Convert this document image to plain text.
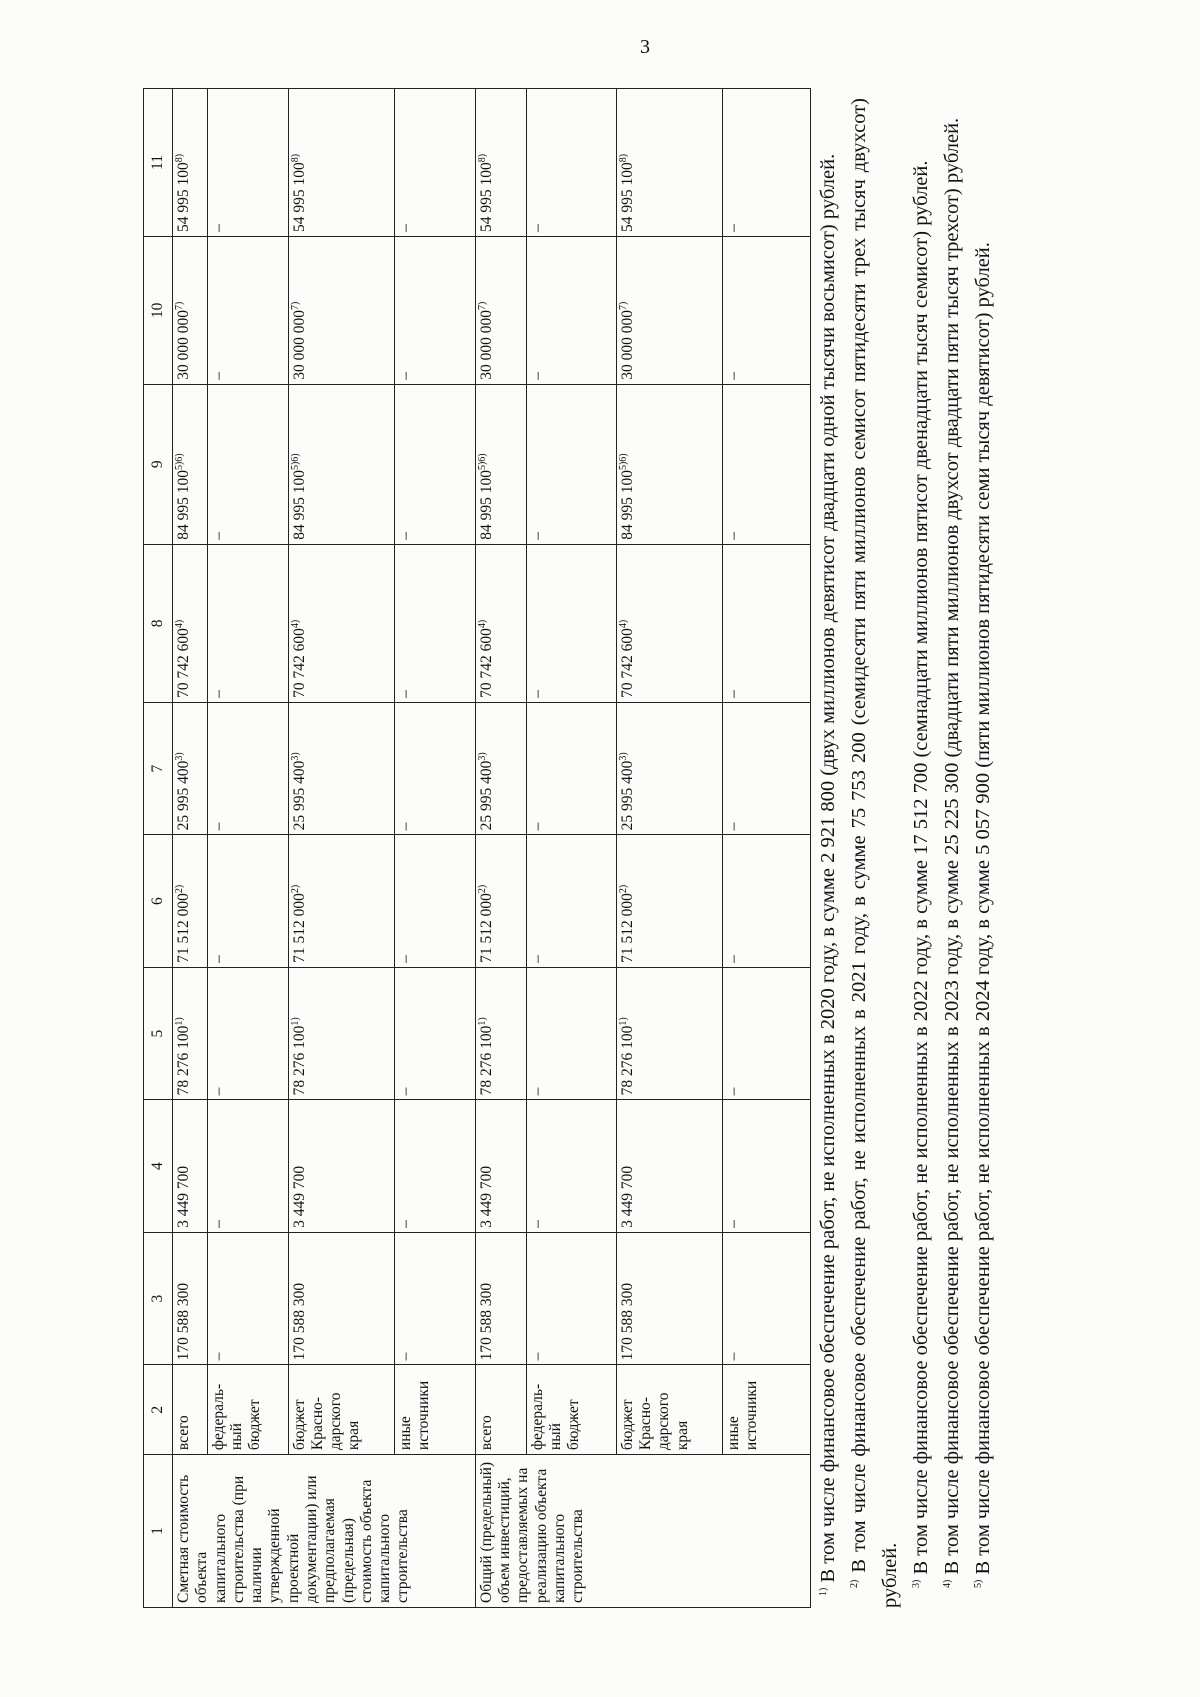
3
1	2	3	4	5	6	7	8	9	10	11
Сметная стоимость объекта капитального строительства (при наличии утвержденной проектной документации) или предполагаемая (предельная) стоимость объекта капитального строительства	всего	170 588 300	3 449 700	78 276 100$^{1)}$	71 512 000$^{2)}$	25 995 400$^{3)}$	70 742 600$^{4)}$	84 995 $100^{5)6)}$	30 000 000$^{7)}$	54 995 100$^{8)}$
	федераль-ный бюджет	–	–	–	–	–	–	–	–	–
	бюджет Красно-дарского края	170 588 300	3 449 700	78 276 100$^{1)}$	71 512 000$^{2)}$	25 995 400$^{3)}$	70 742 600$^{4)}$	84 995 $100^{5)6)}$	30 000 000$^{7)}$	54 995 100$^{8)}$
	иные источники	–	–	–	–	–	–	–	–	–
Общий (предельный) объем инвестиций, предоставляемых на реализацию объекта капитального строительства	всего	170 588 300	3 449 700	78 276 100$^{1)}$	71 512 000$^{2)}$	25 995 400$^{3)}$	70 742 600$^{4)}$	84 995 $100^{5)6)}$	30 000 000$^{7)}$	54 995 100$^{8)}$
	федераль-ный бюджет	–	–	–	–	–	–	–	–	–
	бюджет Красно-дарского края	170 588 300	3 449 700	78 276 100$^{1)}$	71 512 000$^{2)}$	25 995 400$^{3)}$	70 742 600$^{4)}$	84 995 $100^{5)6)}$	30 000 000$^{7)}$	54 995 100$^{8)}$
	иные источники	–	–	–	–	–	–	–	–	–

$^{1)}$ В том числе финансовое обеспечение работ, не исполненных в 2020 году, в сумме 2 921 800 (двух миллионов девятисот двадцати одной тысячи восьмисот) рублей.	$^{2)}$ В том числе финансовое обеспечение работ, не исполненных в 2021 году, в сумме 75 753 200 (семидесяти пяти миллионов семисот пятидесяти трех тысяч двухсот) рублей.	$^{3)}$ В том числе финансовое обеспечение работ, не исполненных в 2022 году, в сумме 17 512 700 (семнадцати миллионов пятисот двенадцати тысяч семисот) рублей.

$^{4)}$ В том числе финансовое обеспечение работ, не исполненных в 2023 году, в сумме 25 225 300 (двадцати пяти миллионов двухсот двадцати пяти тысяч трехсот) рублей.

$^{5)}$ В том числе финансовое обеспечение работ, не исполненных в 2024 году, в сумме 5 057 900 (пяти миллионов пятидесяти семи тысяч девятисот) рублей.
